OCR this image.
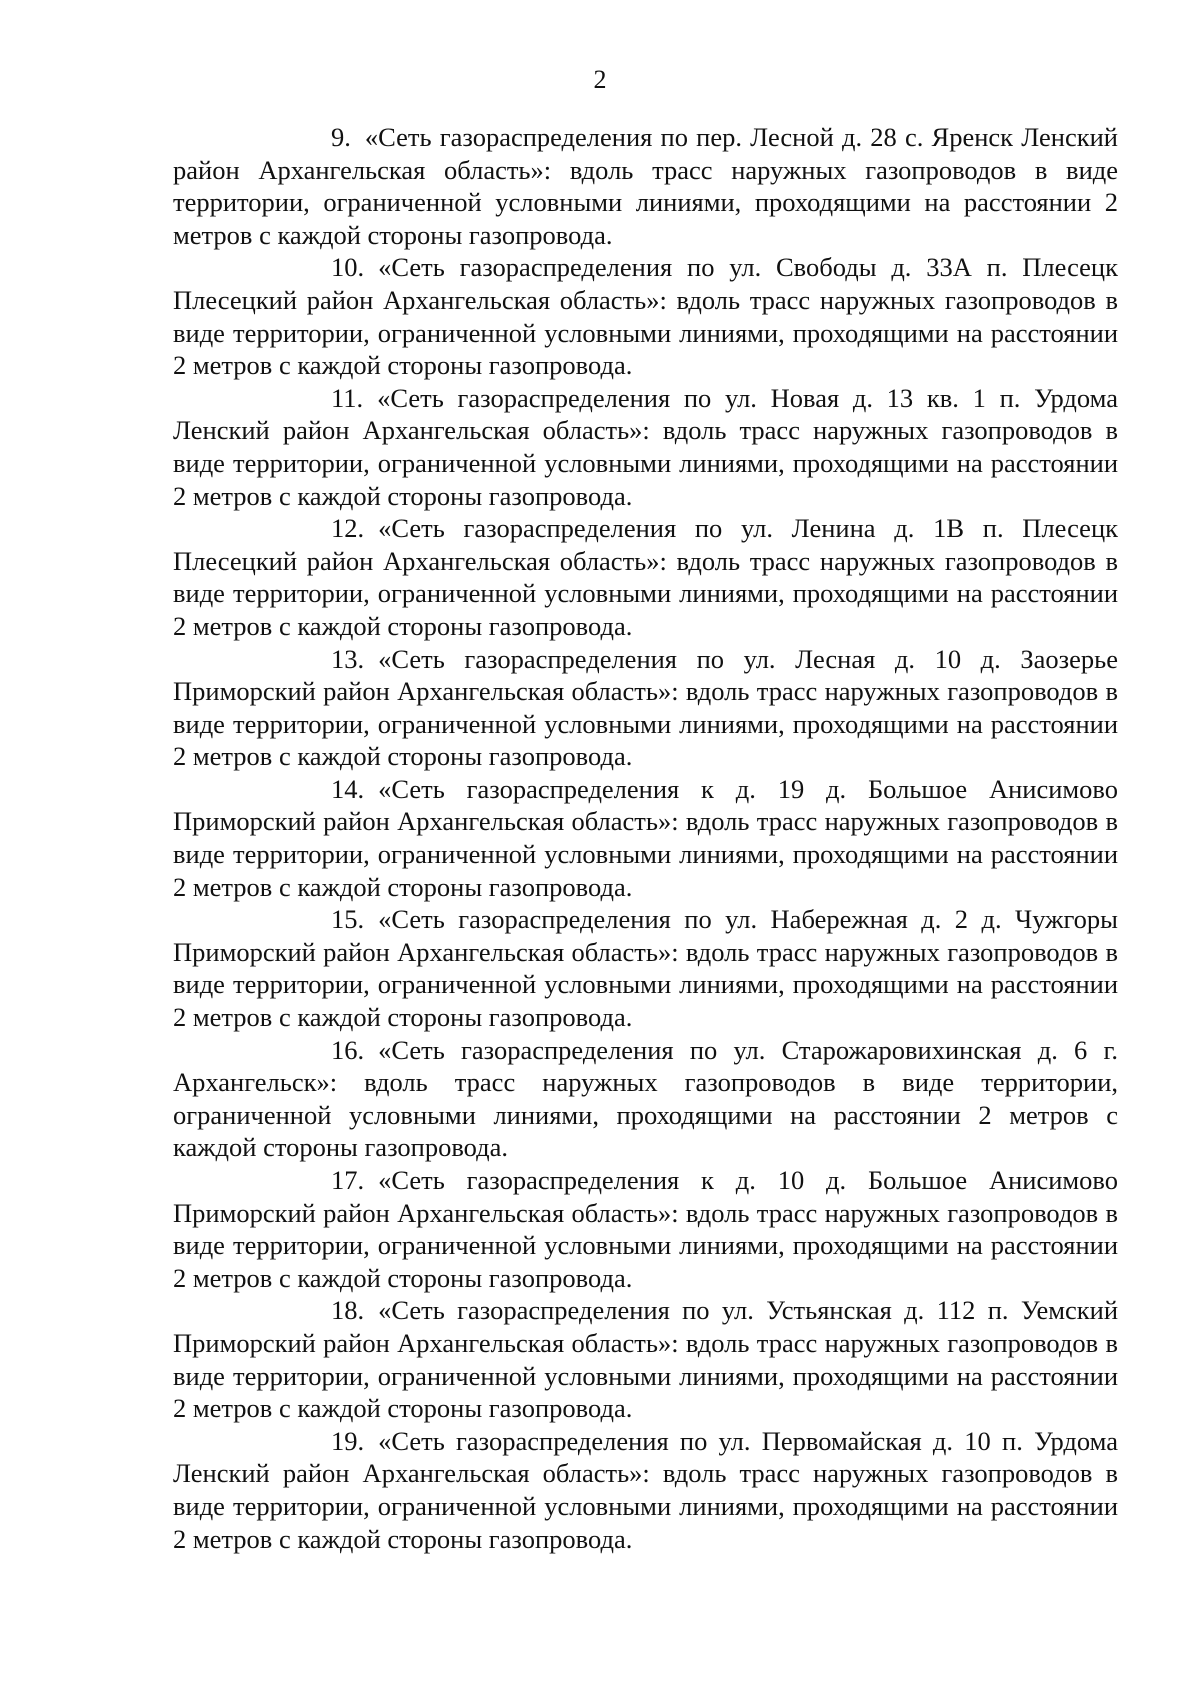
2

9. «Сеть газораспределения по пер. Лесной д. 28 с. Яренск Ленский район Архангельская область»: вдоль трасс наружных газопроводов в виде территории, ограниченной условными линиями, проходящими на расстоянии 2 метров с каждой стороны газопровода.

10. «Сеть газораспределения по ул. Свободы д. 33А п. Плесецк Плесецкий район Архангельская область»: вдоль трасс наружных газопроводов в виде территории, ограниченной условными линиями, проходящими на расстоянии 2 метров с каждой стороны газопровода.

11. «Сеть газораспределения по ул. Новая д. 13 кв. 1 п. Урдома Ленский район Архангельская область»: вдоль трасс наружных газопроводов в виде территории, ограниченной условными линиями, проходящими на расстоянии 2 метров с каждой стороны газопровода.

12. «Сеть газораспределения по ул. Ленина д. 1В п. Плесецк Плесецкий район Архангельская область»: вдоль трасс наружных газопроводов в виде территории, ограниченной условными линиями, проходящими на расстоянии 2 метров с каждой стороны газопровода.

13. «Сеть газораспределения по ул. Лесная д. 10 д. Заозерье Приморский район Архангельская область»: вдоль трасс наружных газопроводов в виде территории, ограниченной условными линиями, проходящими на расстоянии 2 метров с каждой стороны газопровода.

14. «Сеть газораспределения к д. 19 д. Большое Анисимово Приморский район Архангельская область»: вдоль трасс наружных газопроводов в виде территории, ограниченной условными линиями, проходящими на расстоянии 2 метров с каждой стороны газопровода.

15. «Сеть газораспределения по ул. Набережная д. 2 д. Чужгоры Приморский район Архангельская область»: вдоль трасс наружных газопроводов в виде территории, ограниченной условными линиями, проходящими на расстоянии 2 метров с каждой стороны газопровода.

16. «Сеть газораспределения по ул. Старожаровихинская д. 6 г. Архангельск»: вдоль трасс наружных газопроводов в виде территории, ограниченной условными линиями, проходящими на расстоянии 2 метров с каждой стороны газопровода.

17. «Сеть газораспределения к д. 10 д. Большое Анисимово Приморский район Архангельская область»: вдоль трасс наружных газопроводов в виде территории, ограниченной условными линиями, проходящими на расстоянии 2 метров с каждой стороны газопровода.

18. «Сеть газораспределения по ул. Устьянская д. 112 п. Уемский Приморский район Архангельская область»: вдоль трасс наружных газопроводов в виде территории, ограниченной условными линиями, проходящими на расстоянии 2 метров с каждой стороны газопровода.

19. «Сеть газораспределения по ул. Первомайская д. 10 п. Урдома Ленский район Архангельская область»: вдоль трасс наружных газопроводов в виде территории, ограниченной условными линиями, проходящими на расстоянии 2 метров с каждой стороны газопровода.
